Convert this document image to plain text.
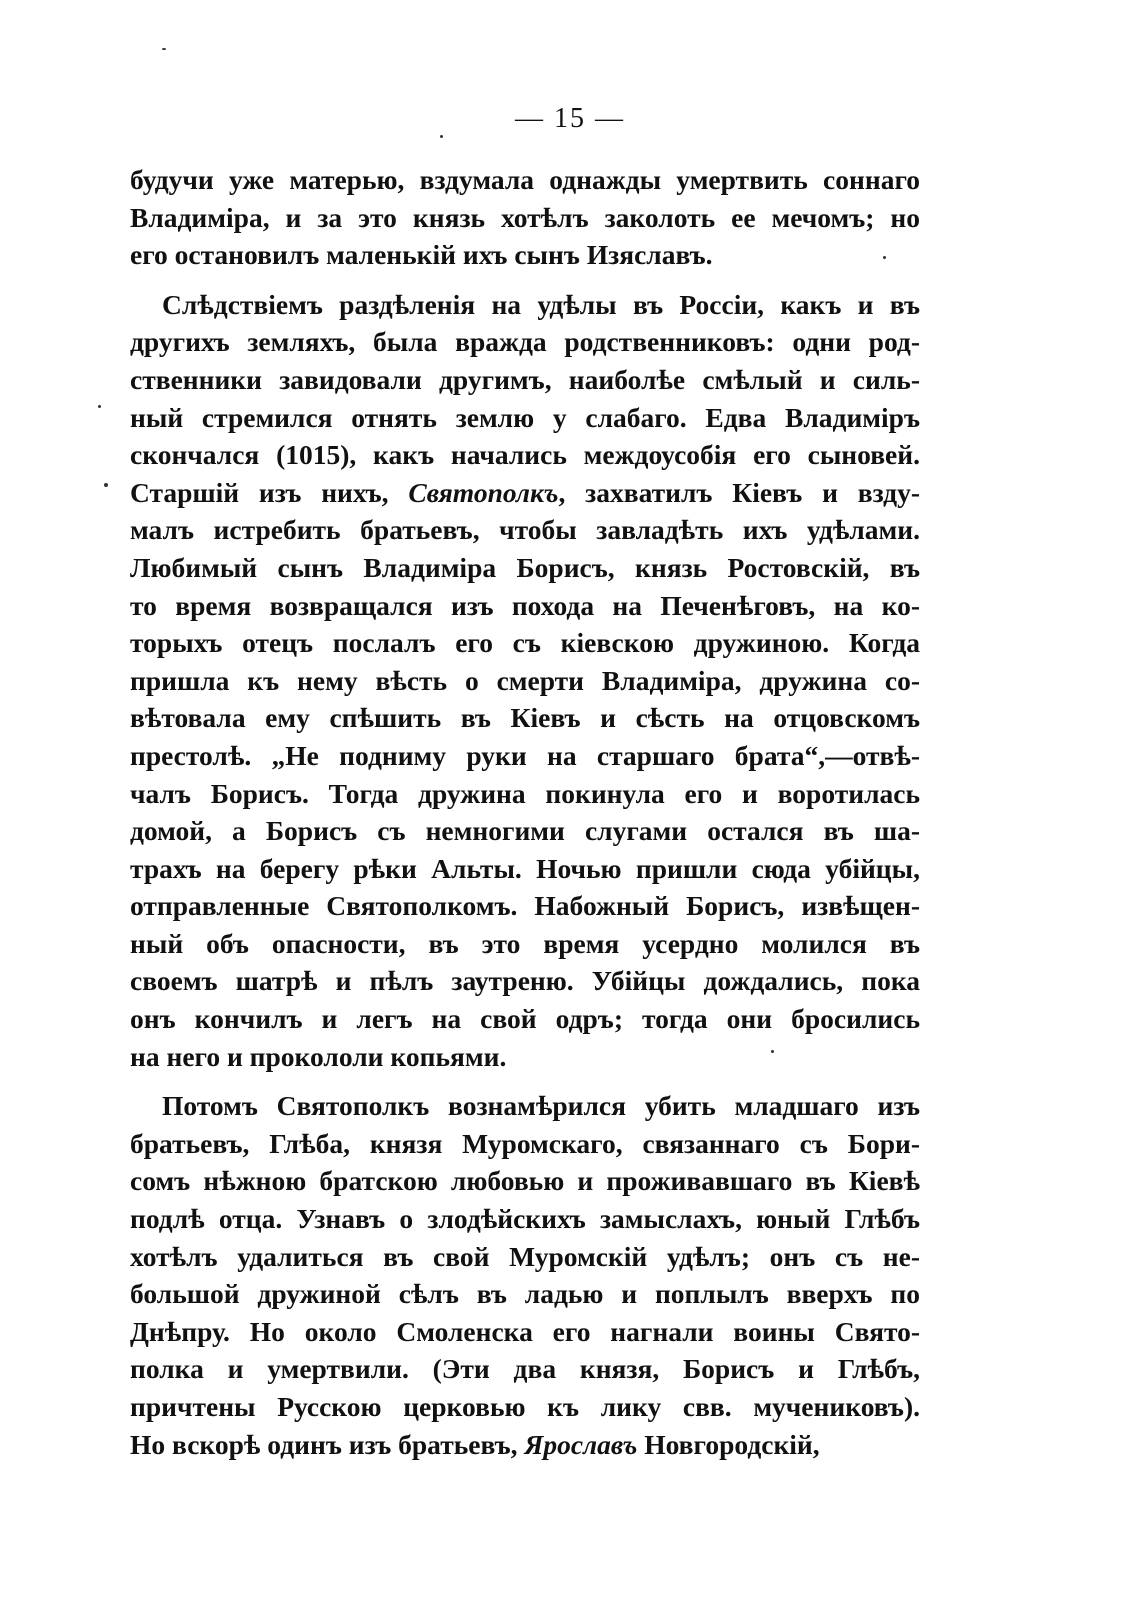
— 15 —
будучи уже матерью, вздумала однажды умертвить соннаго
Владиміра, и за это князь хотѣлъ заколоть ее мечомъ; но
его остановилъ маленькій ихъ сынъ Изяславъ.
Слѣдствіемъ раздѣленія на удѣлы въ Россіи, какъ и въ
другихъ земляхъ, была вражда родственниковъ: одни род-
ственники завидовали другимъ, наиболѣе смѣлый и силь-
ный стремился отнять землю у слабаго. Едва Владиміръ
скончался (1015), какъ начались междоусобія его сыновей.
Старшій изъ нихъ, Святополкъ, захватилъ Кіевъ и взду-
малъ истребить братьевъ, чтобы завладѣть ихъ удѣлами.
Любимый сынъ Владиміра Борисъ, князь Ростовскій, въ
то время возвращался изъ похода на Печенѣговъ, на ко-
торыхъ отецъ послалъ его съ кіевскою дружиною. Когда
пришла къ нему вѣсть о смерти Владиміра, дружина со-
вѣтовала ему спѣшить въ Кіевъ и сѣсть на отцовскомъ
престолѣ. „Не подниму руки на старшаго брата“,—отвѣ-
чалъ Борисъ. Тогда дружина покинула его и воротилась
домой, а Борисъ съ немногими слугами остался въ ша-
трахъ на берегу рѣки Альты. Ночью пришли сюда убійцы,
отправленные Святополкомъ. Набожный Борисъ, извѣщен-
ный объ опасности, въ это время усердно молился въ
своемъ шатрѣ и пѣлъ заутреню. Убійцы дождались, пока
онъ кончилъ и легъ на свой одръ; тогда они бросились
на него и прокололи копьями.
Потомъ Святополкъ вознамѣрился убить младшаго изъ
братьевъ, Глѣба, князя Муромскаго, связаннаго съ Бори-
сомъ нѣжною братскою любовью и проживавшаго въ Кіевѣ
подлѣ отца. Узнавъ о злодѣйскихъ замыслахъ, юный Глѣбъ
хотѣлъ удалиться въ свой Муромскій удѣлъ; онъ съ не-
большой дружиной сѣлъ въ ладью и поплылъ вверхъ по
Днѣпру. Но около Смоленска его нагнали воины Свято-
полка и умертвили. (Эти два князя, Борисъ и Глѣбъ,
причтены Русскою церковью къ лику свв. мучениковъ).
Но вскорѣ одинъ изъ братьевъ, Ярославъ Новгородскій,
